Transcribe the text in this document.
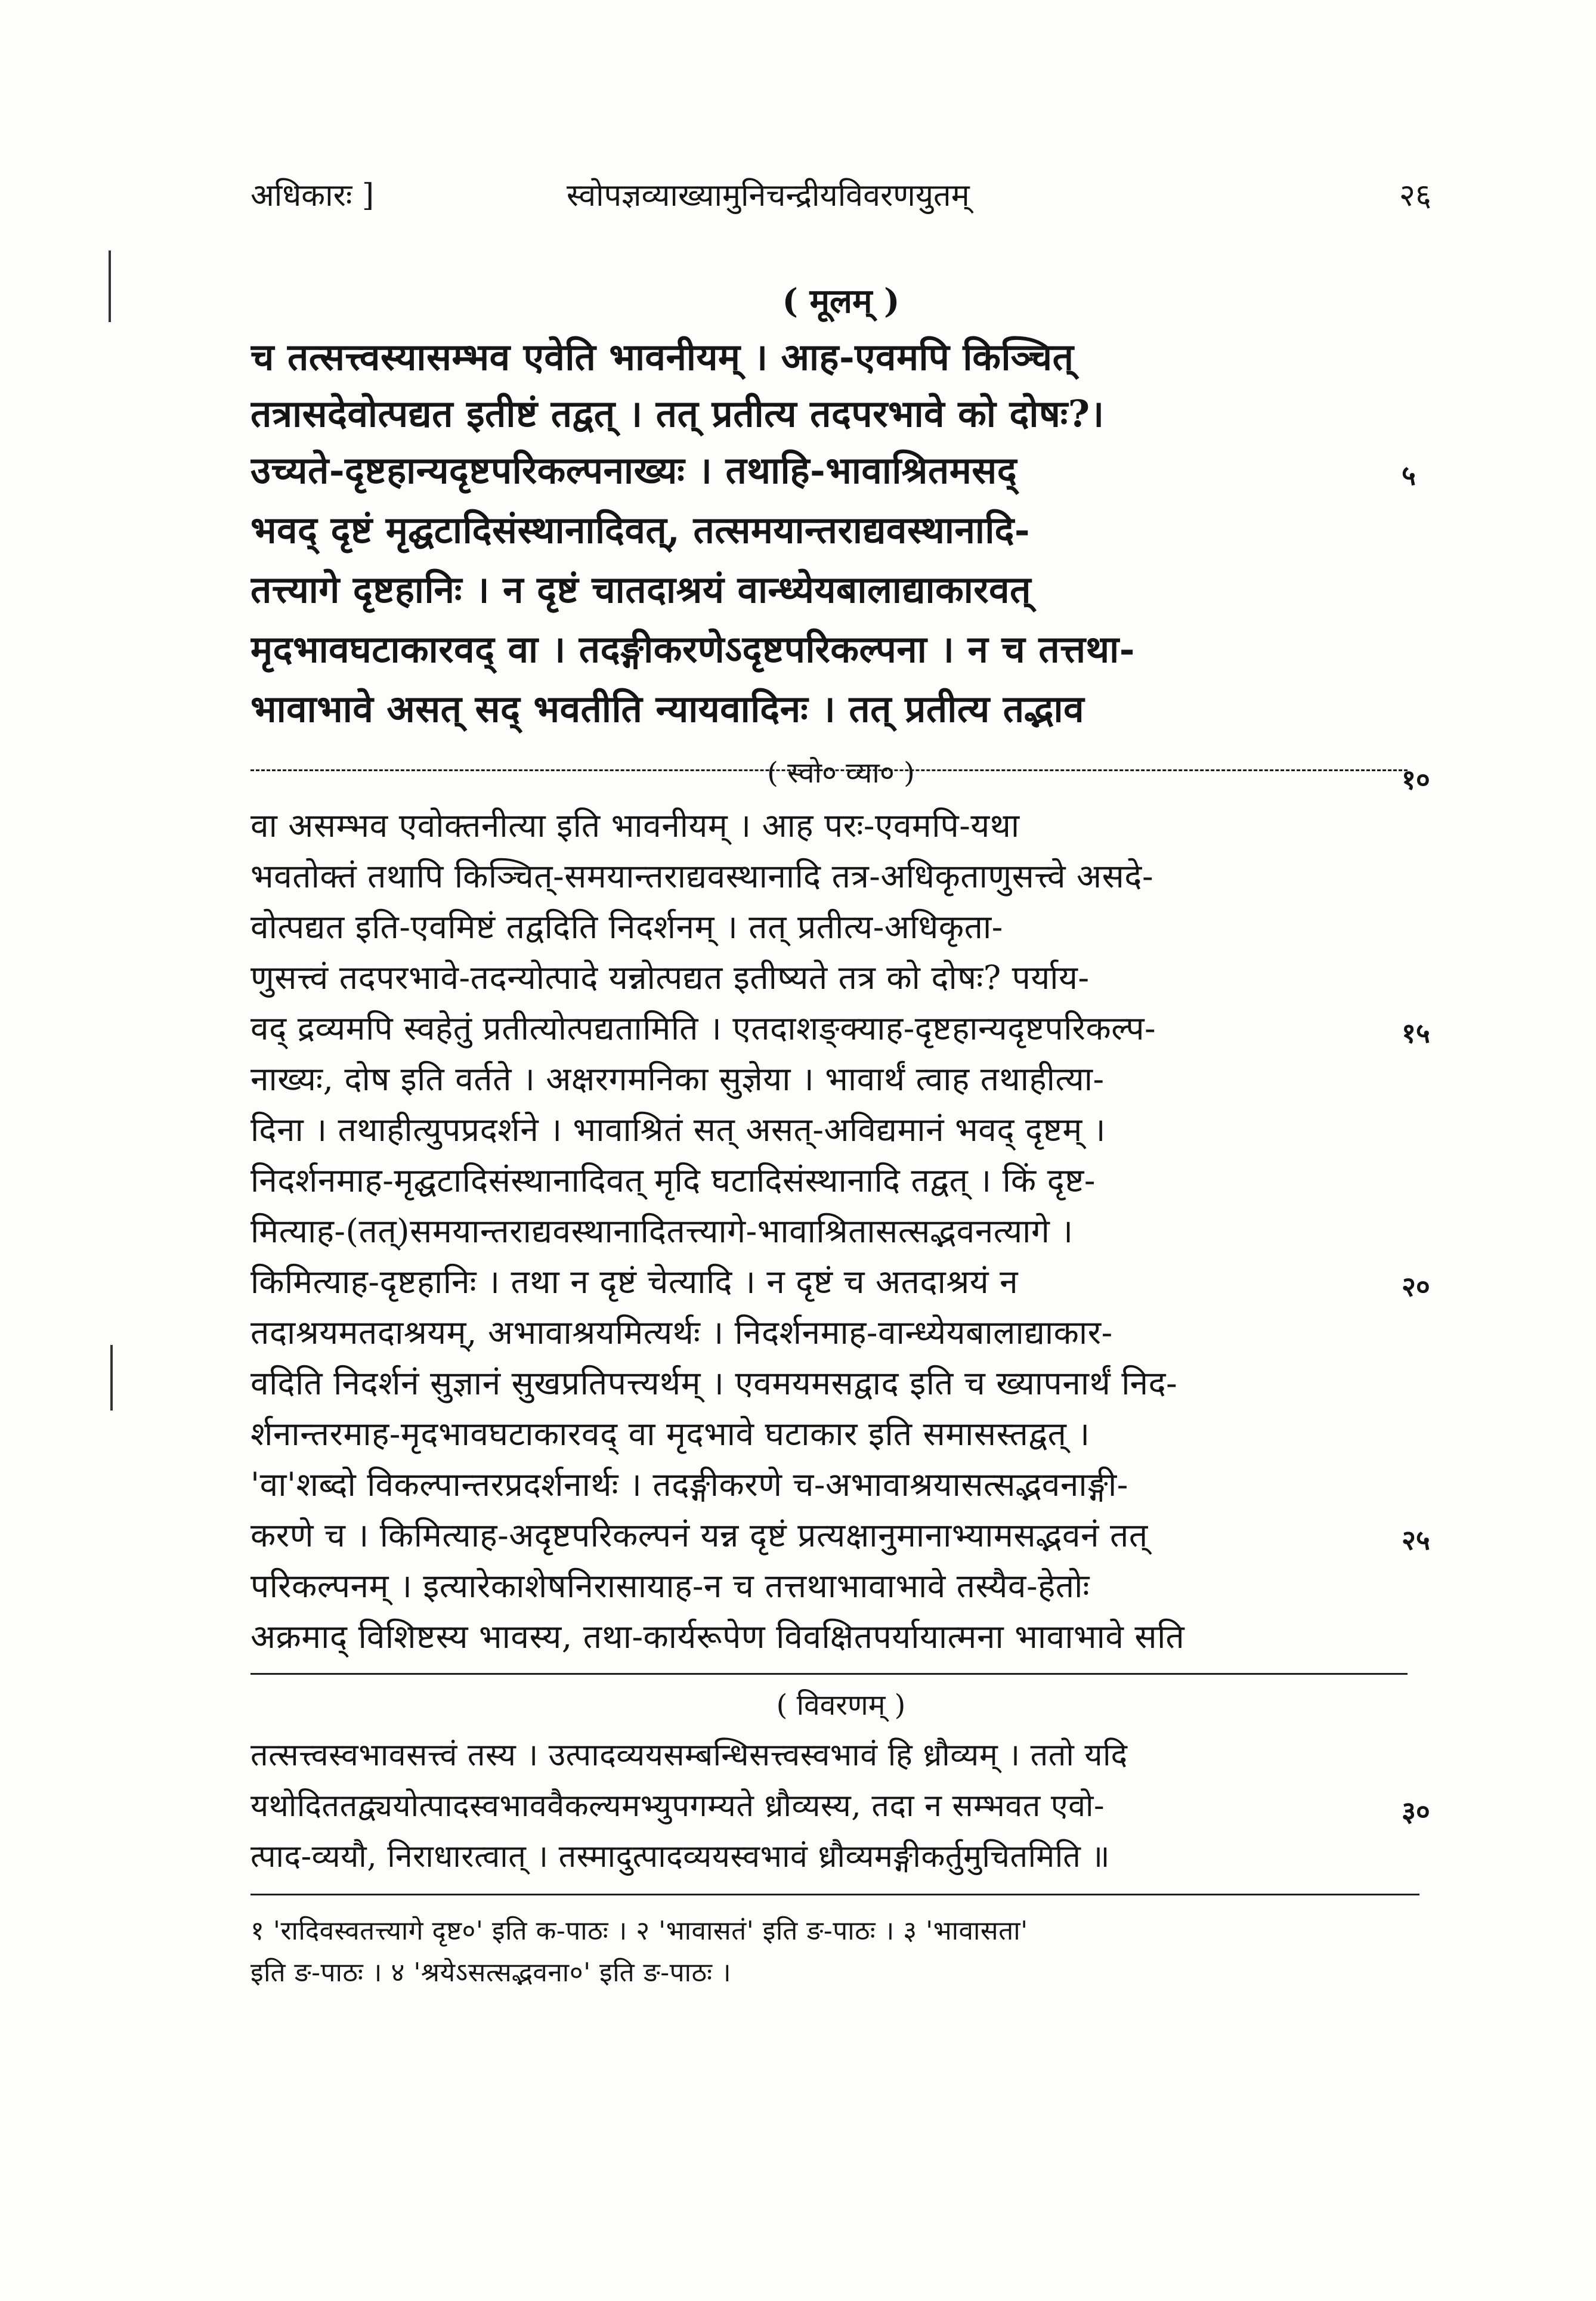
अधिकारः ]	स्वोपज्ञव्याख्यामुनिचन्द्रीयविवरणयुतम्	२६
( मूलम् )
च तत्सत्त्वस्यासम्भव एवेति भावनीयम् । आह-एवमपि किञ्चित्
तत्रासदेवोत्पद्यत इतीष्टं तद्वत् । तत् प्रतीत्य तदपरभावे को दोषः?।
उच्यते-दृष्टहान्यदृष्टपरिकल्पनाख्यः । तथाहि-भावाश्रितमसद्
भवद् दृष्टं मृद्घटादिसंस्थानादिवत्, तत्समयान्तराद्यवस्थानादि-
तत्त्यागे दृष्टहानिः । न दृष्टं चातदाश्रयं वान्ध्येयबालाद्याकारवत्
मृदभावघटाकारवद् वा । तदङ्गीकरणेऽदृष्टपरिकल्पना । न च तत्तथा-
भावाभावे असत् सद् भवतीति न्यायवादिनः । तत् प्रतीत्य तद्भाव
५
( स्वो० व्या० )	१०
वा असम्भव एवोक्तनीत्या इति भावनीयम् । आह परः-एवमपि-यथा
भवतोक्तं तथापि किञ्चित्-समयान्तराद्यवस्थानादि तत्र-अधिकृताणुसत्त्वे असदे-
वोत्पद्यत इति-एवमिष्टं तद्वदिति निदर्शनम् । तत् प्रतीत्य-अधिकृता-
णुसत्त्वं तदपरभावे-तदन्योत्पादे यन्नोत्पद्यत इतीष्यते तत्र को दोषः? पर्याय-
वद् द्रव्यमपि स्वहेतुं प्रतीत्योत्पद्यतामिति । एतदाशङ्क्याह-दृष्टहान्यदृष्टपरिकल्प-
नाख्यः, दोष इति वर्तते । अक्षरगमनिका सुज्ञेया । भावार्थं त्वाह तथाहीत्या-
दिना । तथाहीत्युपप्रदर्शने । भावाश्रितं सत् असत्-अविद्यमानं भवद् दृष्टम् ।
निदर्शनमाह-मृद्घटादिसंस्थानादिवत् मृदि घटादिसंस्थानादि तद्वत् । किं दृष्ट-
मित्याह-(तत्)समयान्तराद्यवस्थानादितत्त्यागे-भावाश्रितासत्सद्भवनत्यागे ।
किमित्याह-दृष्टहानिः । तथा न दृष्टं चेत्यादि । न दृष्टं च अतदाश्रयं न
तदाश्रयमतदाश्रयम्, अभावाश्रयमित्यर्थः । निदर्शनमाह-वान्ध्येयबालाद्याकार-
वदिति निदर्शनं सुज्ञानं सुखप्रतिपत्त्यर्थम् । एवमयमसद्वाद इति च ख्यापनार्थं निद-
र्शनान्तरमाह-मृदभावघटाकारवद् वा मृदभावे घटाकार इति समासस्तद्वत् ।
'वा'शब्दो विकल्पान्तरप्रदर्शनार्थः । तदङ्गीकरणे च-अभावाश्रयासत्सद्भवनाङ्गी-
करणे च । किमित्याह-अदृष्टपरिकल्पनं यन्न दृष्टं प्रत्यक्षानुमानाभ्यामसद्भवनं तत्
परिकल्पनम् । इत्यारेकाशेषनिरासायाह-न च तत्तथाभावाभावे तस्यैव-हेतोः
अक्रमाद् विशिष्टस्य भावस्य, तथा-कार्यरूपेण विवक्षितपर्यायात्मना भावाभावे सति
१५
२०
२५
( विवरणम् )
तत्सत्त्वस्वभावसत्त्वं तस्य । उत्पादव्ययसम्बन्धिसत्त्वस्वभावं हि ध्रौव्यम् । ततो यदि
यथोदिततद्व्ययोत्पादस्वभाववैकल्यमभ्युपगम्यते ध्रौव्यस्य, तदा न सम्भवत एवो-
त्पाद-व्ययौ, निराधारत्वात् । तस्मादुत्पादव्ययस्वभावं ध्रौव्यमङ्गीकर्तुमुचितमिति ॥
३०
१ 'रादिवस्वतत्त्यागे दृष्ट०' इति क-पाठः । २ 'भावासतं' इति ङ-पाठः । ३ 'भावासता'
इति ङ-पाठः । ४ 'श्रयेऽसत्सद्भवना०' इति ङ-पाठः ।
